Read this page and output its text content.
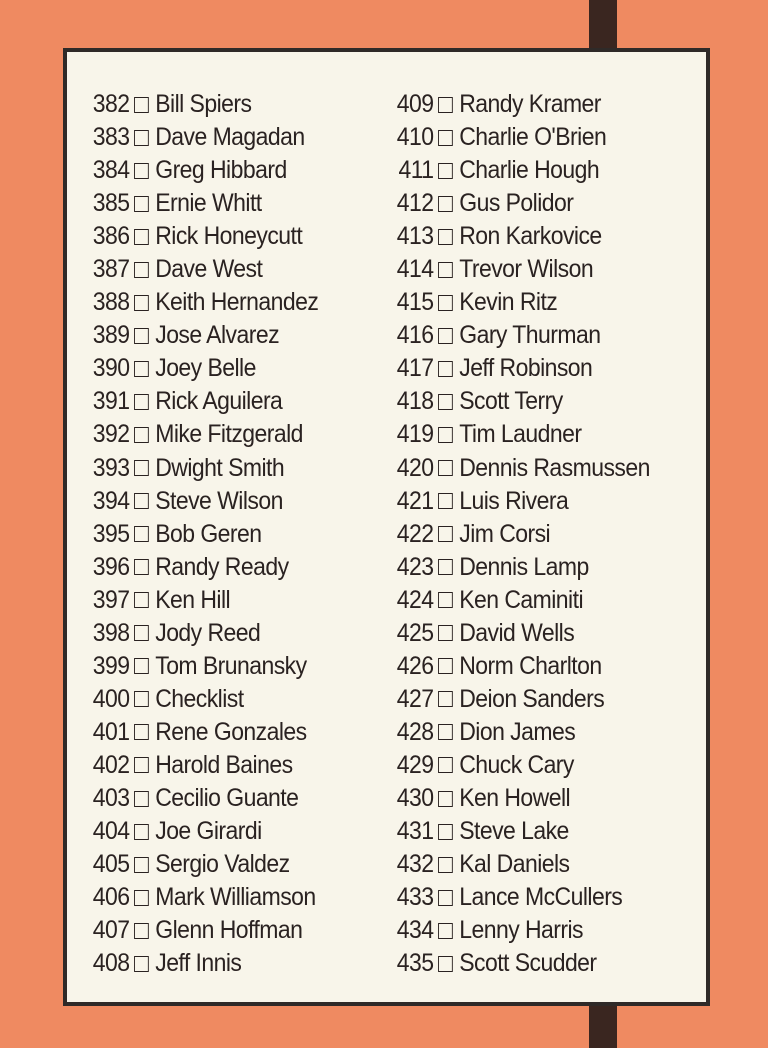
382 Bill Spiers
383 Dave Magadan
384 Greg Hibbard
385 Ernie Whitt
386 Rick Honeycutt
387 Dave West
388 Keith Hernandez
389 Jose Alvarez
390 Joey Belle
391 Rick Aguilera
392 Mike Fitzgerald
393 Dwight Smith
394 Steve Wilson
395 Bob Geren
396 Randy Ready
397 Ken Hill
398 Jody Reed
399 Tom Brunansky
400 Checklist
401 Rene Gonzales
402 Harold Baines
403 Cecilio Guante
404 Joe Girardi
405 Sergio Valdez
406 Mark Williamson
407 Glenn Hoffman
408 Jeff Innis
409 Randy Kramer
410 Charlie O'Brien
411 Charlie Hough
412 Gus Polidor
413 Ron Karkovice
414 Trevor Wilson
415 Kevin Ritz
416 Gary Thurman
417 Jeff Robinson
418 Scott Terry
419 Tim Laudner
420 Dennis Rasmussen
421 Luis Rivera
422 Jim Corsi
423 Dennis Lamp
424 Ken Caminiti
425 David Wells
426 Norm Charlton
427 Deion Sanders
428 Dion James
429 Chuck Cary
430 Ken Howell
431 Steve Lake
432 Kal Daniels
433 Lance McCullers
434 Lenny Harris
435 Scott Scudder
